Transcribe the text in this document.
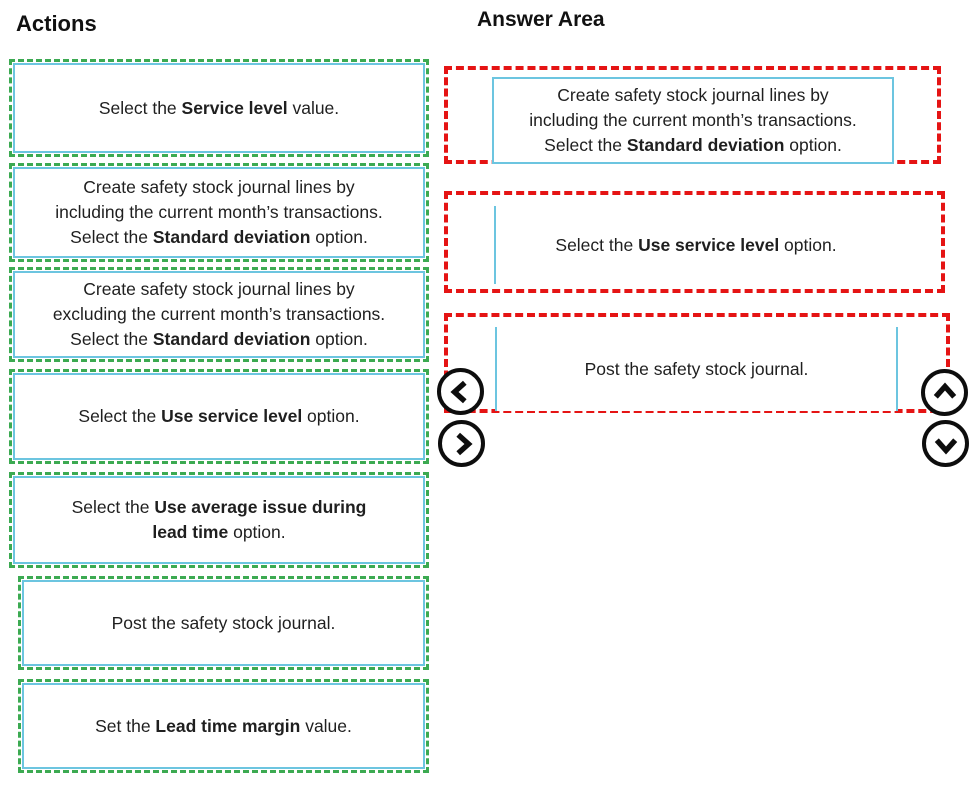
Actions	Answer Area

Select the Service level value.

Create safety stock journal lines by
including the current month’s transactions.
Select the Standard deviation option.

Create safety stock journal lines by
excluding the current month’s transactions.
Select the Standard deviation option.

Select the Use service level option.

Select the Use average issue during
lead time option.

Post the safety stock journal.

Set the Lead time margin value.

Create safety stock journal lines by
including the current month’s transactions.
Select the Standard deviation option.

Select the Use service level option.

Post the safety stock journal.
